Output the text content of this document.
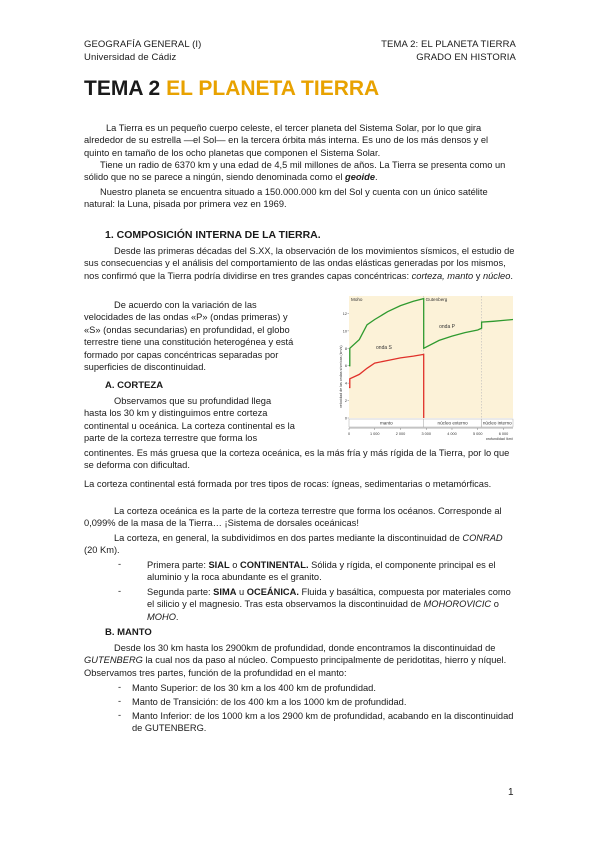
GEOGRAFÍA GENERAL (I)
Universidad de Cádiz
TEMA 2: EL PLANETA TIERRA
GRADO EN HISTORIA
TEMA 2 EL PLANETA TIERRA
La Tierra es un pequeño cuerpo celeste, el tercer planeta del Sistema Solar, por lo que gira alrededor de su estrella —el Sol— en la tercera órbita más interna. Es uno de los más densos y el quinto en tamaño de los ocho planetas que componen el Sistema Solar.
Tiene un radio de 6370 km y una edad de 4,5 mil millones de años. La Tierra se presenta como un sólido que no se parece a ningún, siendo denominada como el geoide.
Nuestro planeta se encuentra situado a 150.000.000 km del Sol y cuenta con un único satélite natural: la Luna, pisada por primera vez en 1969.
1. COMPOSICIÓN INTERNA DE LA TIERRA.
Desde las primeras décadas del S.XX, la observación de los movimientos sísmicos, el estudio de sus consecuencias y el análisis del comportamiento de las ondas elásticas generadas por los mismos, nos confirmó que la Tierra podría dividirse en tres grandes capas concéntricas: corteza, manto y núcleo.
De acuerdo con la variación de las velocidades de las ondas «P» (ondas primeras) y «S» (ondas secundarias) en profundidad, el globo terrestre tiene una constitución heterogénea y está formado por capas concéntricas separadas por superficies de discontinuidad.
A. CORTEZA
Observamos que su profundidad llega hasta los 30 km y distinguimos entre corteza continental u oceánica. La corteza continental es la parte de la corteza terrestre que forma los
continentes. Es más gruesa que la corteza oceánica, es la más fría y más rígida de la Tierra, por lo que se deforma con dificultad.
La corteza continental está formada por tres tipos de rocas: ígneas, sedimentarias o metamórficas.
La corteza oceánica es la parte de la corteza terrestre que forma los océanos. Corresponde al 0,099% de la masa de la Tierra… ¡Sistema de dorsales oceánicas!
La corteza, en general, la subdividimos en dos partes mediante la discontinuidad de CONRAD (20 Km).
-	Primera parte: SIAL o CONTINENTAL. Sólida y rígida, el componente principal es el aluminio y la roca abundante es el granito.
-	Segunda parte: SIMA u OCEÁNICA. Fluida y basáltica, compuesta por materiales como el silicio y el magnesio. Tras esta observamos la discontinuidad de MOHOROVICIC o MOHO.
B. MANTO
Desde los 30 km hasta los 2900km de profundidad, donde encontramos la discontinuidad de GUTENBERG la cual nos da paso al núcleo. Compuesto principalmente de peridotitas, hierro y níquel. Observamos tres partes, función de la profundidad en el manto:
- Manto Superior: de los 30 km a los 400 km de profundidad.
- Manto de Transición: de los 400 km a los 1000 km de profundidad.
- Manto Inferior: de los 1000 km a los 2900 km de profundidad, acabando en la discontinuidad de GUTENBERG.
0
2
4
6
8
10
12
0	1 000	2 000	3 000	4 000	5 000	6 000
manto	núcleo externo	núcleo interno
Moho	Gutenberg
profundidad (km)
velocidad de las ondas sísmicas (km/s)
onda P
onda S
1
